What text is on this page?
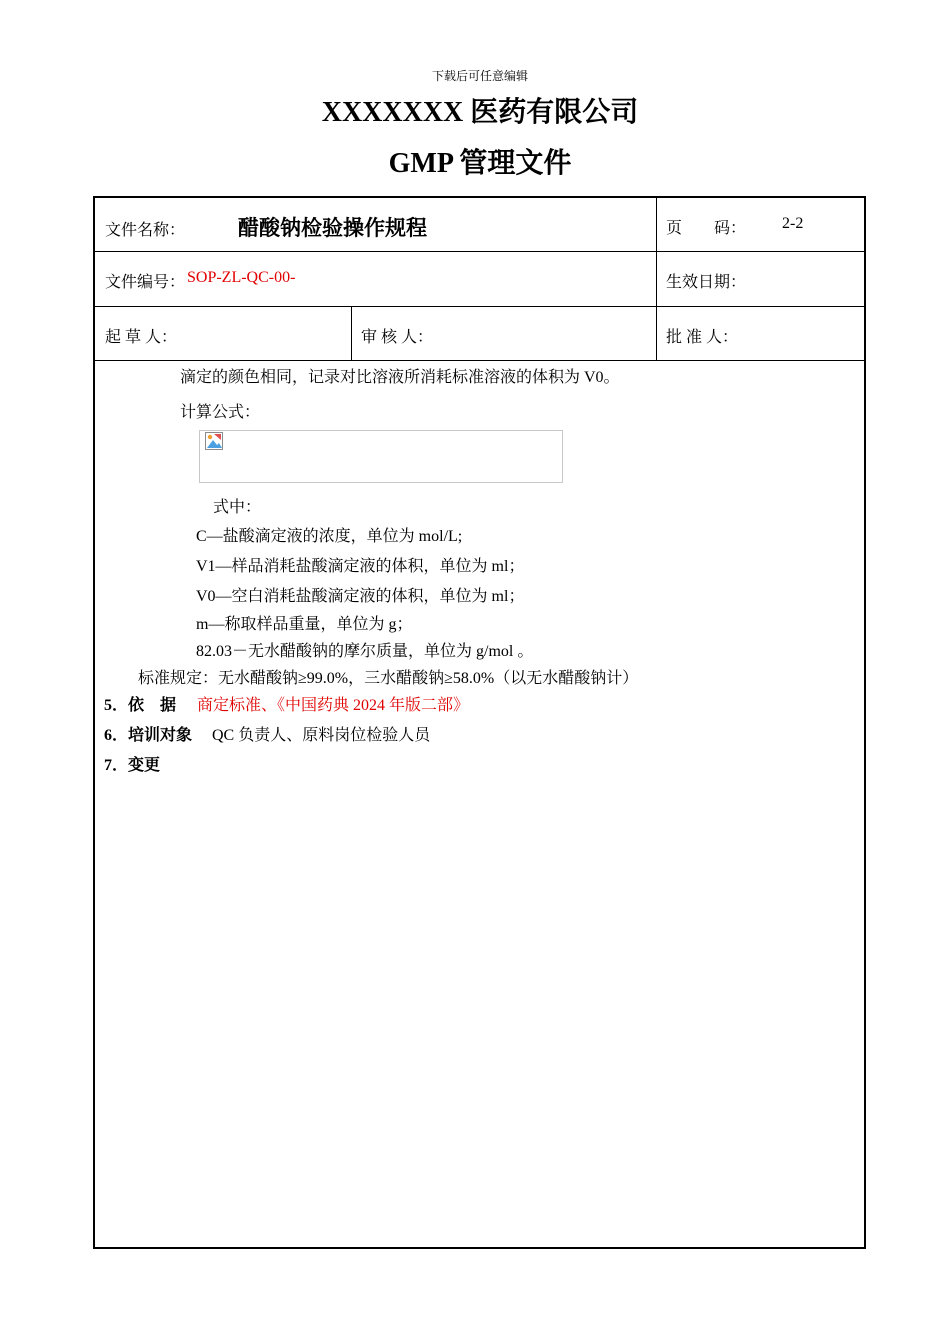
下载后可任意编辑
XXXXXXX 医药有限公司
GMP 管理文件
文件名称：	醋酸钠检验操作规程	页　　码： 2-2
文件编号： SOP-ZL-QC-00-	生效日期：
起 草 人：	审 核 人：	批 准 人：
滴定的颜色相同，记录对比溶液所消耗标准溶液的体积为 V0。
计算公式：
式中：
C—盐酸滴定液的浓度，单位为 mol/L;
V1—样品消耗盐酸滴定液的体积，单位为 ml；
V0—空白消耗盐酸滴定液的体积，单位为 ml；
m—称取样品重量，单位为 g；
82.03－无水醋酸钠的摩尔质量，单位为 g/mol 。
标准规定：无水醋酸钠≥99.0%，三水醋酸钠≥58.0%（以无水醋酸钠计）
5．依　据 商定标准、《中国药典 2024 年版二部》
6．培训对象 QC 负责人、原料岗位检验人员
7．变更
